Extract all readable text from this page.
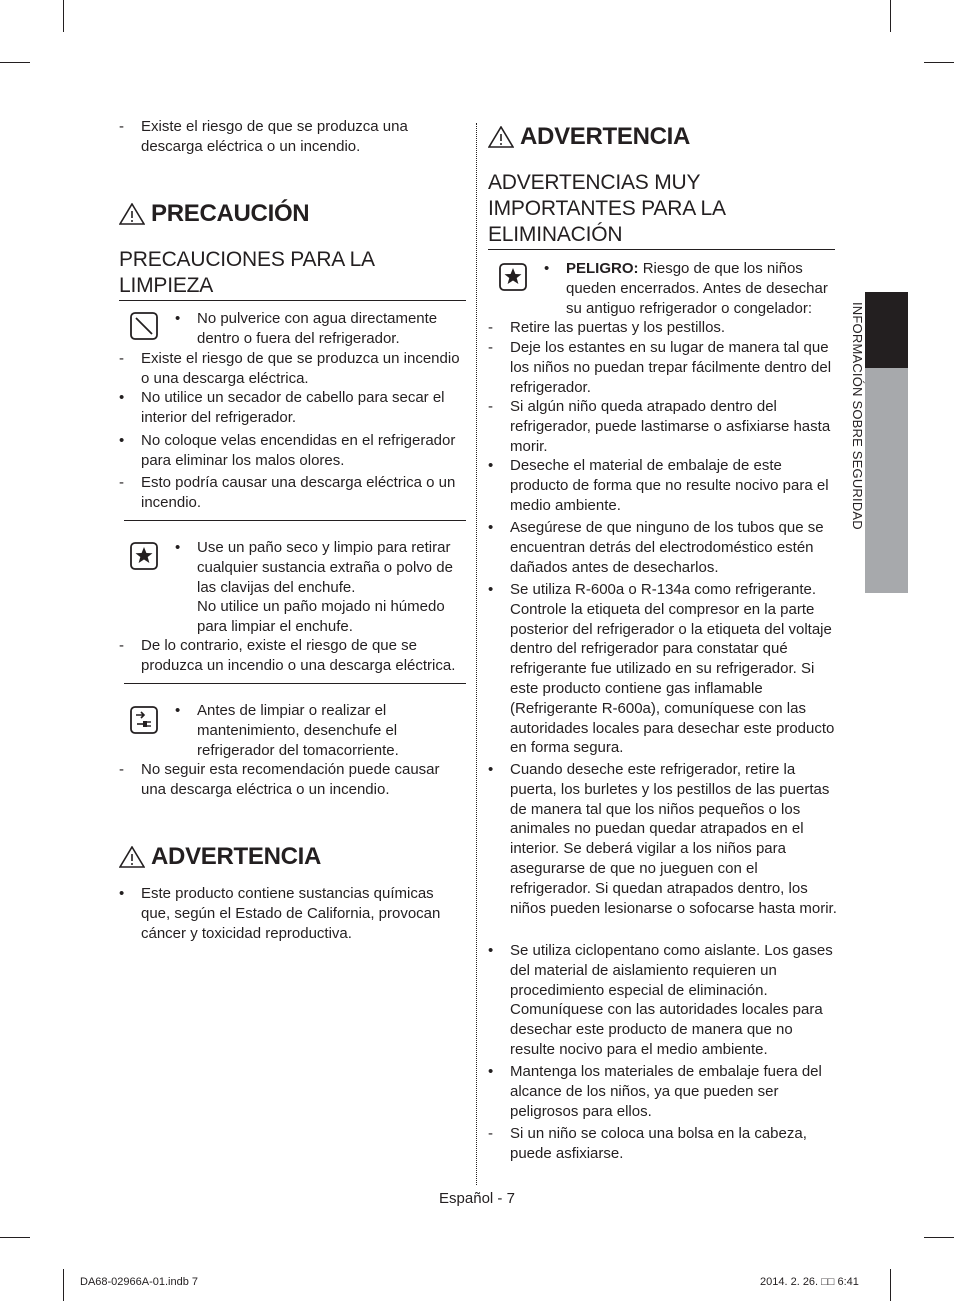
- Existe el riesgo de que se produzca una descarga eléctrica o un incendio.
PRECAUCIÓN
PRECAUCIONES PARA LA LIMPIEZA
• No pulverice con agua directamente dentro o fuera del refrigerador.
- Existe el riesgo de que se produzca un incendio o una descarga eléctrica.
• No utilice un secador de cabello para secar el interior del refrigerador.
• No coloque velas encendidas en el refrigerador para eliminar los malos olores.
- Esto podría causar una descarga eléctrica o un incendio.
• Use un paño seco y limpio para retirar cualquier sustancia extraña o polvo de las clavijas del enchufe.
No utilice un paño mojado ni húmedo para limpiar el enchufe.
- De lo contrario, existe el riesgo de que se produzca un incendio o una descarga eléctrica.
• Antes de limpiar o realizar el mantenimiento, desenchufe el refrigerador del tomacorriente.
- No seguir esta recomendación puede causar una descarga eléctrica o un incendio.
ADVERTENCIA
• Este producto contiene sustancias químicas que, según el Estado de California, provocan cáncer y toxicidad reproductiva.
ADVERTENCIA
ADVERTENCIAS MUY IMPORTANTES PARA LA ELIMINACIÓN
• PELIGRO: Riesgo de que los niños queden encerrados. Antes de desechar su antiguo refrigerador o congelador:
- Retire las puertas y los pestillos.
- Deje los estantes en su lugar de manera tal que los niños no puedan trepar fácilmente dentro del refrigerador.
- Si algún niño queda atrapado dentro del refrigerador, puede lastimarse o asfixiarse hasta morir.
• Deseche el material de embalaje de este producto de forma que no resulte nocivo para el medio ambiente.
• Asegúrese de que ninguno de los tubos que se encuentran detrás del electrodoméstico estén dañados antes de desecharlos.
• Se utiliza R-600a o R-134a como refrigerante. Controle la etiqueta del compresor en la parte posterior del refrigerador o la etiqueta del voltaje dentro del refrigerador para constatar qué refrigerante fue utilizado en su refrigerador. Si este producto contiene gas inflamable (Refrigerante R-600a), comuníquese con las autoridades locales para desechar este producto en forma segura.
• Cuando deseche este refrigerador, retire la puerta, los burletes y los pestillos de las puertas de manera tal que los niños pequeños o los animales no puedan quedar atrapados en el interior. Se deberá vigilar a los niños para asegurarse de que no jueguen con el refrigerador. Si quedan atrapados dentro, los niños pueden lesionarse o sofocarse hasta morir.
• Se utiliza ciclopentano como aislante. Los gases del material de aislamiento requieren un procedimiento especial de eliminación. Comuníquese con las autoridades locales para desechar este producto de manera que no resulte nocivo para el medio ambiente.
• Mantenga los materiales de embalaje fuera del alcance de los niños, ya que pueden ser peligrosos para ellos.
- Si un niño se coloca una bolsa en la cabeza, puede asfixiarse.
INFORMACIÓN SOBRE SEGURIDAD
Español - 7
DA68-02966A-01.indb 7	2014. 2. 26. □□ 6:41
